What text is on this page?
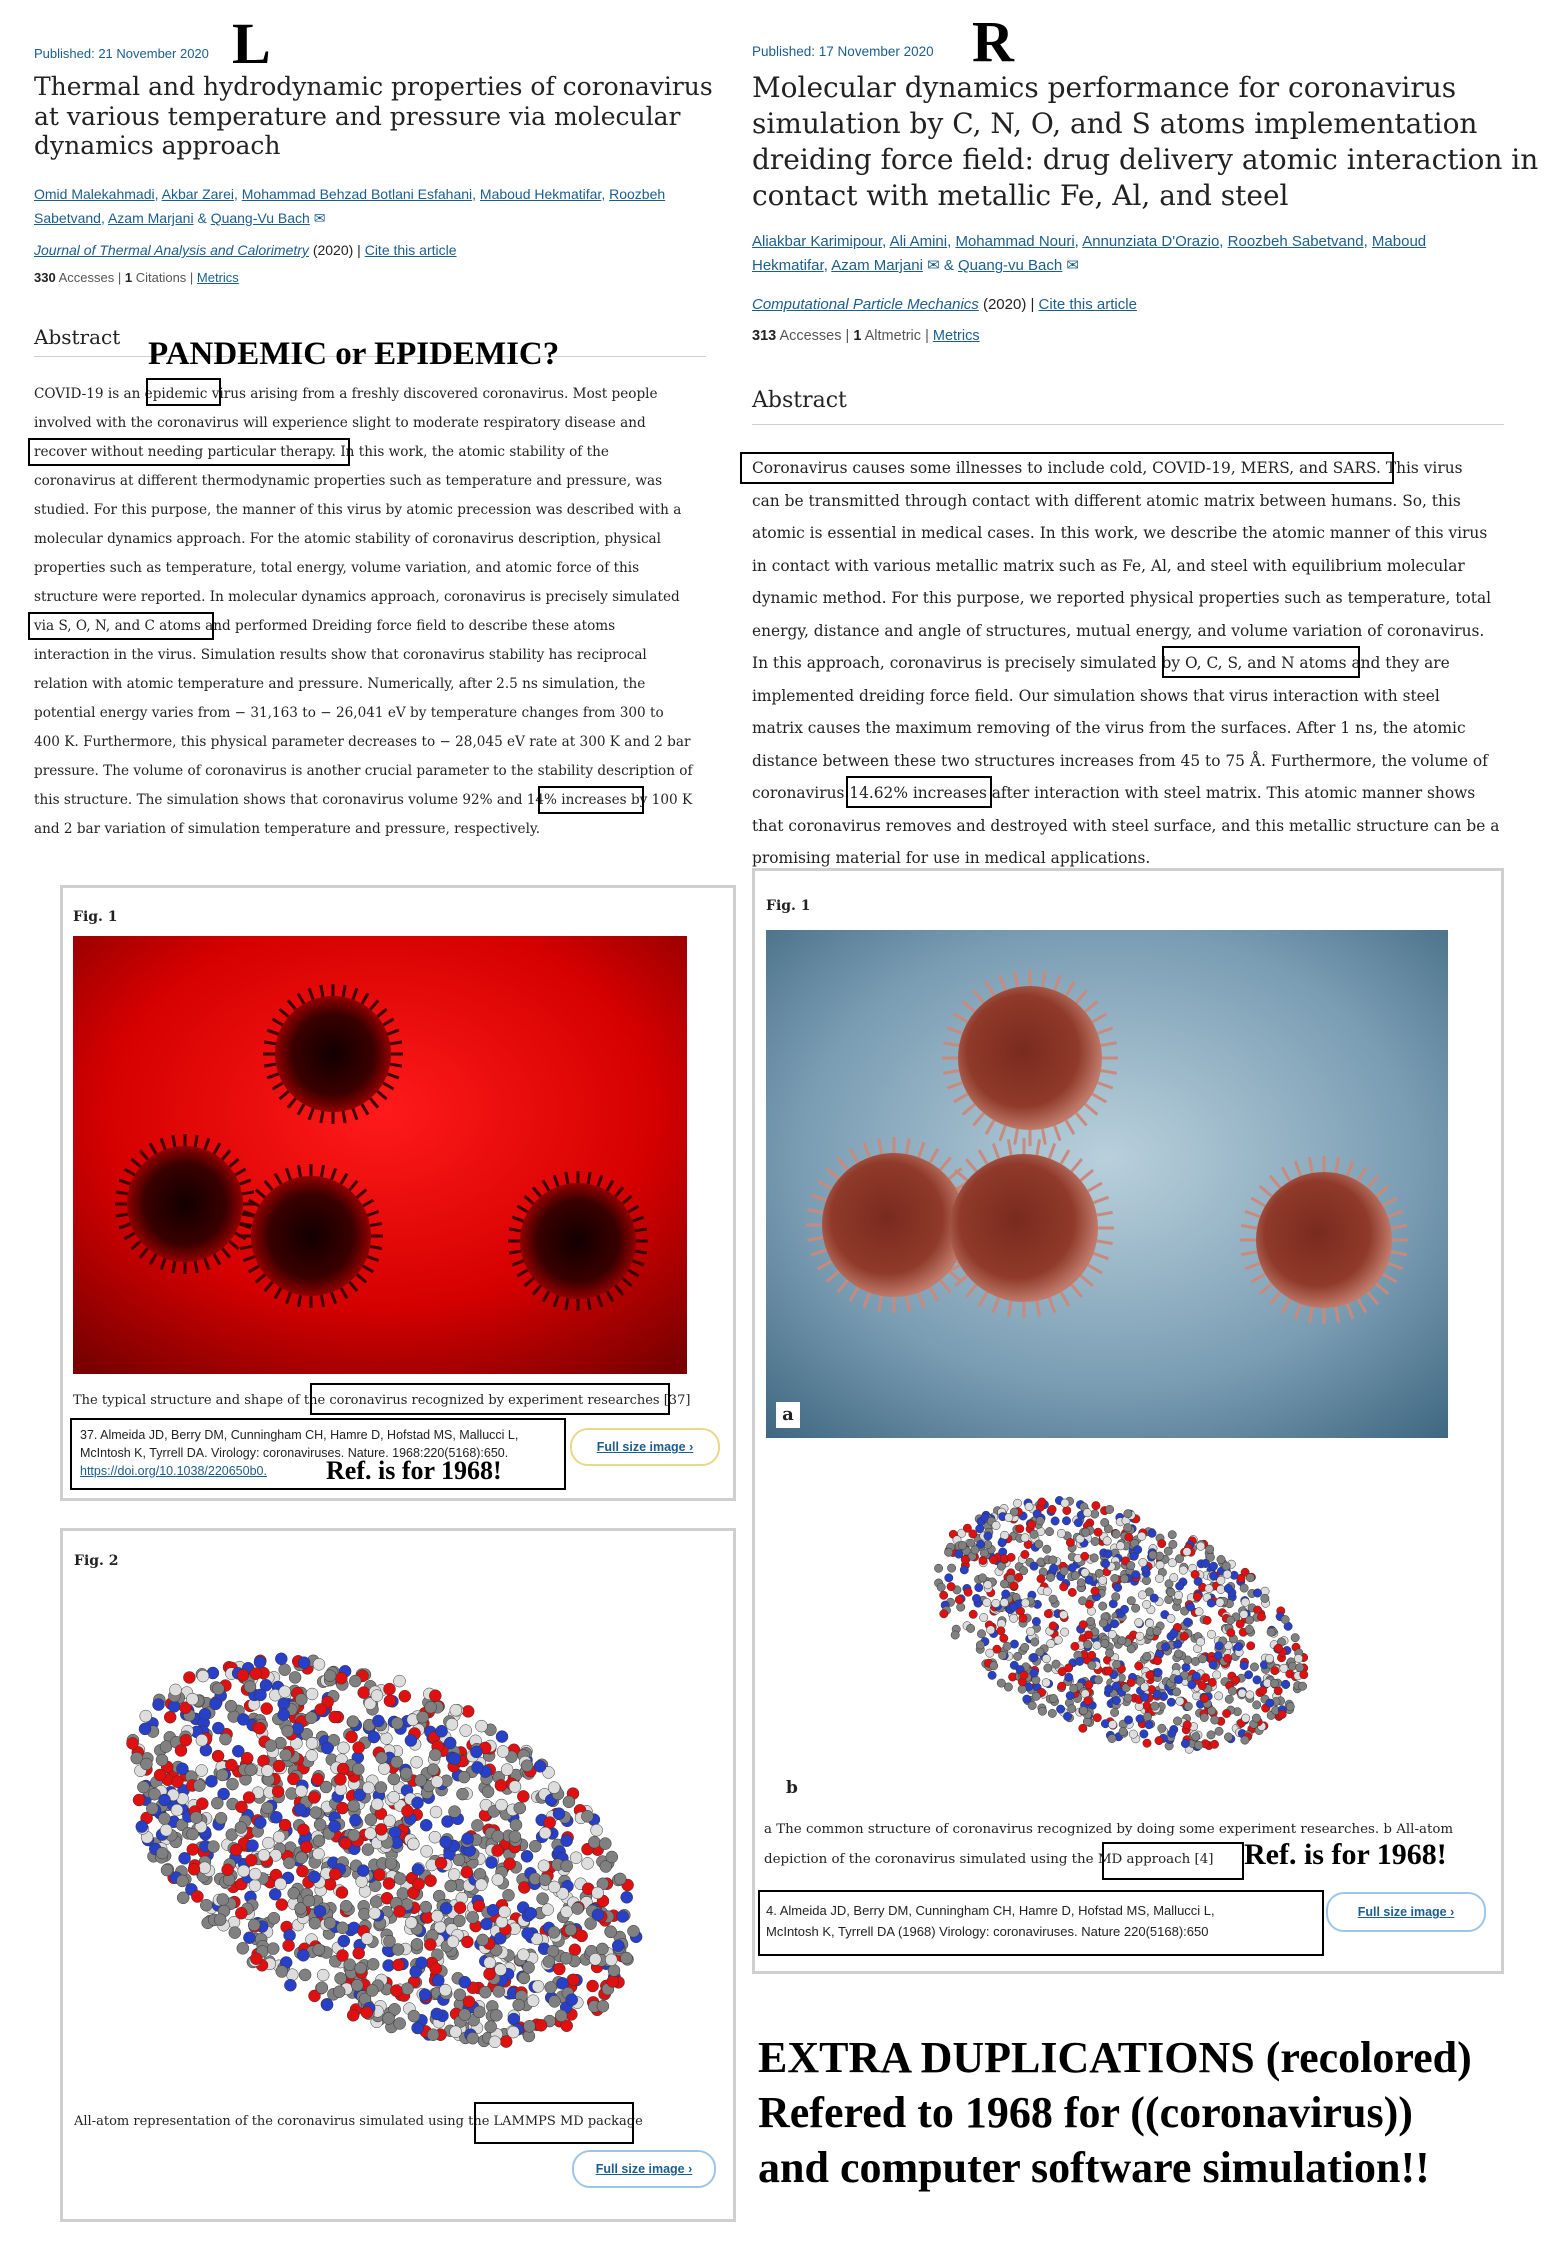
Published: 21 November 2020 L
Thermal and hydrodynamic properties of coronavirus at various temperature and pressure via molecular dynamics approach
Omid Malekahmadi, Akbar Zarei, Mohammad Behzad Botlani Esfahani, Maboud Hekmatifar, Roozbeh
Sabetvand, Azam Marjani & Quang-Vu Bach ✉
Journal of Thermal Analysis and Calorimetry (2020) | Cite this article
330 Accesses | 1 Citations | Metrics
Abstract PANDEMIC or EPIDEMIC?
COVID-19 is an epidemic virus arising from a freshly discovered coronavirus. Most people
involved with the coronavirus will experience slight to moderate respiratory disease and
recover without needing particular therapy. In this work, the atomic stability of the
coronavirus at different thermodynamic properties such as temperature and pressure, was
studied. For this purpose, the manner of this virus by atomic precession was described with a
molecular dynamics approach. For the atomic stability of coronavirus description, physical
properties such as temperature, total energy, volume variation, and atomic force of this
structure were reported. In molecular dynamics approach, coronavirus is precisely simulated
via S, O, N, and C atoms and performed Dreiding force field to describe these atoms
interaction in the virus. Simulation results show that coronavirus stability has reciprocal
relation with atomic temperature and pressure. Numerically, after 2.5 ns simulation, the
potential energy varies from − 31,163 to − 26,041 eV by temperature changes from 300 to
400 K. Furthermore, this physical parameter decreases to − 28,045 eV rate at 300 K and 2 bar
pressure. The volume of coronavirus is another crucial parameter to the stability description of
this structure. The simulation shows that coronavirus volume 92% and 14% increases by 100 K
and 2 bar variation of simulation temperature and pressure, respectively.
Fig. 1
The typical structure and shape of the coronavirus recognized by experiment researches [37]
37. Almeida JD, Berry DM, Cunningham CH, Hamre D, Hofstad MS, Mallucci L,
McIntosh K, Tyrrell DA. Virology: coronaviruses. Nature. 1968:220(5168):650.
https://doi.org/10.1038/220650b0.	Ref. is for 1968!
Full size image ›
Fig. 2
All-atom representation of the coronavirus simulated using the LAMMPS MD package
Full size image ›
Published: 17 November 2020 R
Molecular dynamics performance for coronavirus
simulation by C, N, O, and S atoms implementation
dreiding force field: drug delivery atomic interaction in
contact with metallic Fe, Al, and steel
Aliakbar Karimipour, Ali Amini, Mohammad Nouri, Annunziata D'Orazio, Roozbeh Sabetvand, Maboud
Hekmatifar, Azam Marjani ✉ & Quang-vu Bach ✉
Computational Particle Mechanics (2020) | Cite this article
313 Accesses | 1 Altmetric | Metrics
Abstract
Coronavirus causes some illnesses to include cold, COVID-19, MERS, and SARS. This virus
can be transmitted through contact with different atomic matrix between humans. So, this
atomic is essential in medical cases. In this work, we describe the atomic manner of this virus
in contact with various metallic matrix such as Fe, Al, and steel with equilibrium molecular
dynamic method. For this purpose, we reported physical properties such as temperature, total
energy, distance and angle of structures, mutual energy, and volume variation of coronavirus.
In this approach, coronavirus is precisely simulated by O, C, S, and N atoms and they are
implemented dreiding force field. Our simulation shows that virus interaction with steel
matrix causes the maximum removing of the virus from the surfaces. After 1 ns, the atomic
distance between these two structures increases from 45 to 75 Å. Furthermore, the volume of
coronavirus 14.62% increases after interaction with steel matrix. This atomic manner shows
that coronavirus removes and destroyed with steel surface, and this metallic structure can be a
promising material for use in medical applications.
Fig. 1
a
b
a The common structure of coronavirus recognized by doing some experiment researches. b All-atom
depiction of the coronavirus simulated using the MD approach [4] Ref. is for 1968!
4. Almeida JD, Berry DM, Cunningham CH, Hamre D, Hofstad MS, Mallucci L,
McIntosh K, Tyrrell DA (1968) Virology: coronaviruses. Nature 220(5168):650
Full size image ›
EXTRA DUPLICATIONS (recolored)
Refered to 1968 for ((coronavirus))
and computer software simulation!!
